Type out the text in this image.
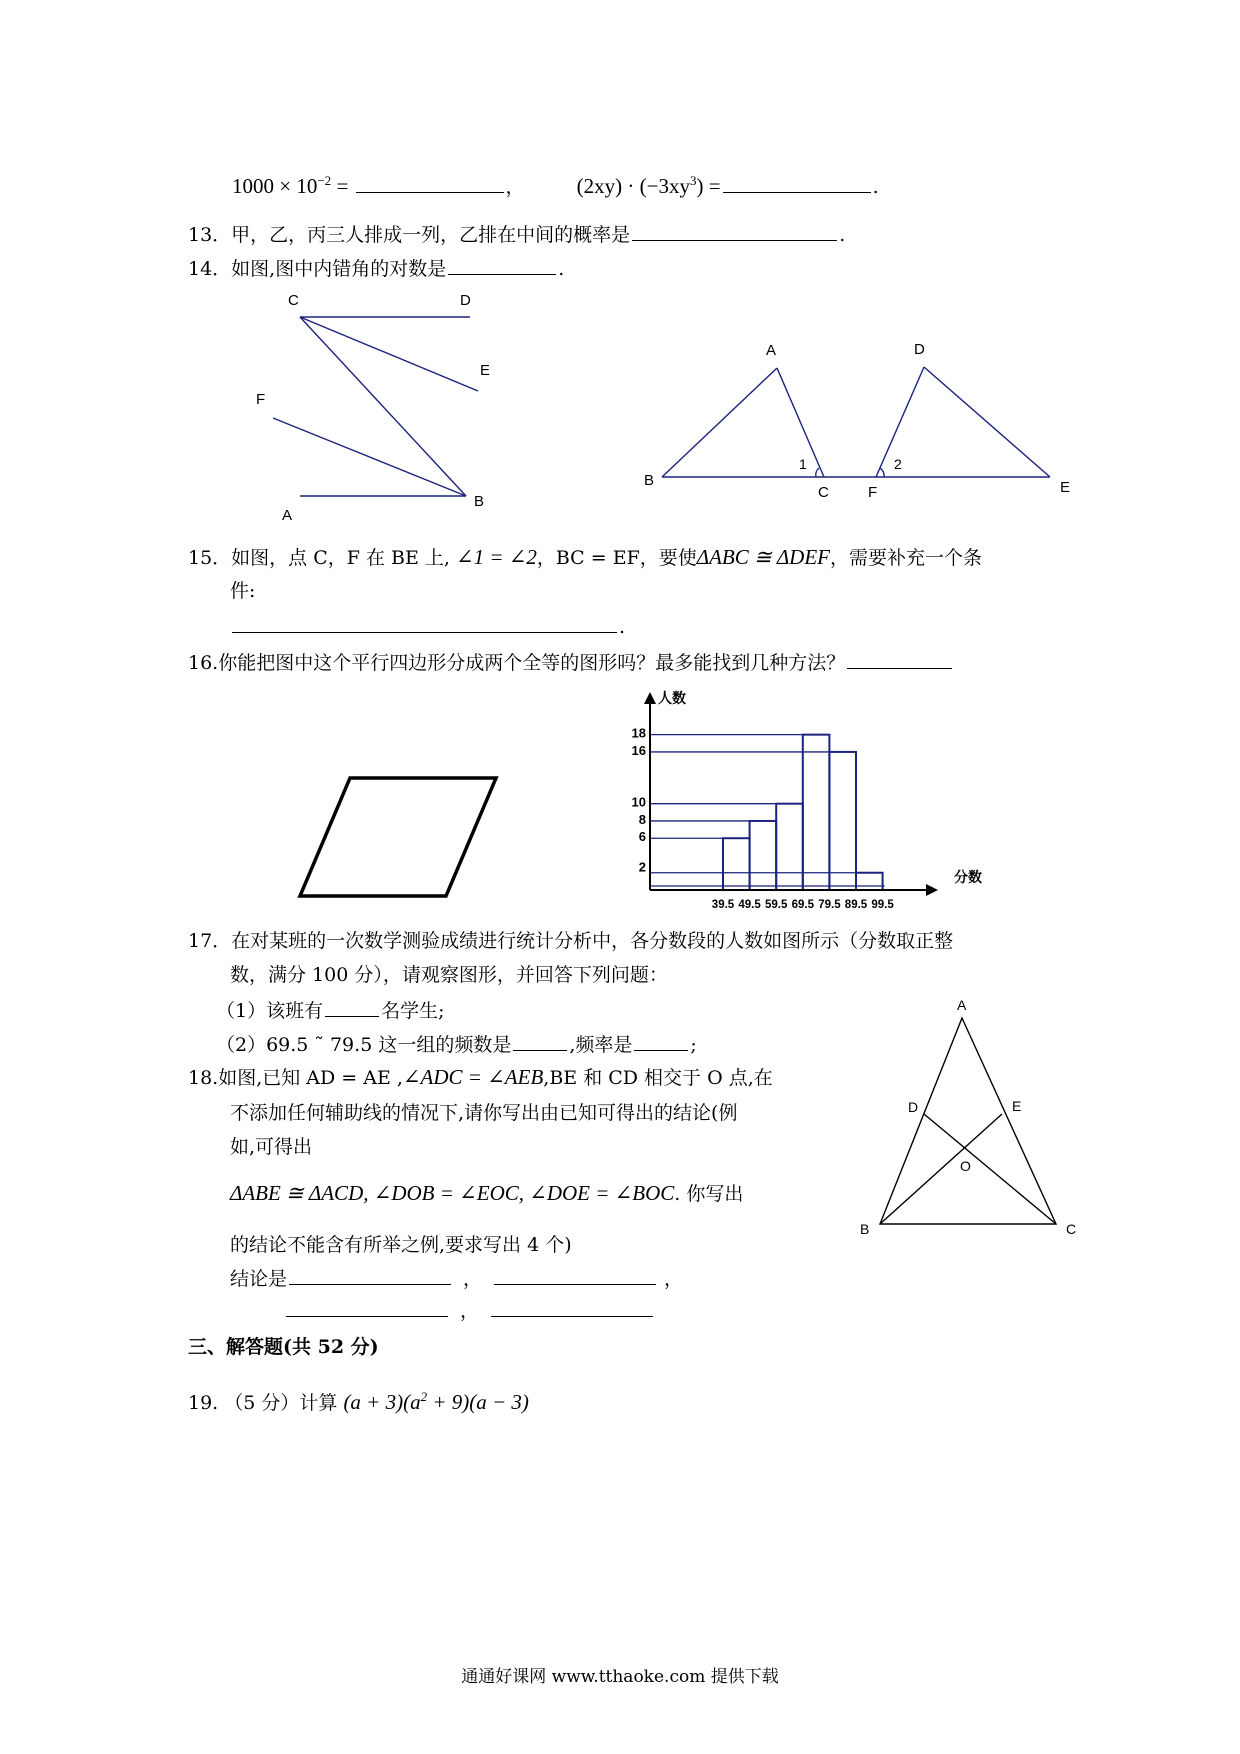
$1000 \times 10^{-2}$ =	， $(2xy) \cdot (-3xy^3)$ =	.
13．甲，乙，丙三人排成一列，乙排在中间的概率是	.
14．如图,图中内错角的对数是	.
C	D
E
F
A
B
A	D
B
C	F	E
1	2
15．如图，点 C，F 在 BE 上, ∠1 = ∠2，BC = EF，要使ΔABC ≅ ΔDEF，需要补充一个条
件:
.
16.你能把图中这个平行四边形分成两个全等的图形吗？最多能找到几种方法？
人数
分数
18
16
10
8
6
2
39.5 49.5 59.5 69.5 79.5 89.5 99.5
17．在对某班的一次数学测验成绩进行统计分析中，各分数段的人数如图所示（分数取正整
数，满分 100 分），请观察图形，并回答下列问题：
（1）该班有	名学生;
（2）69.5 ˜ 79.5 这一组的频数是	,频率是	;
18.如图,已知 AD = AE ,∠ADC = ∠AEB,BE 和 CD 相交于 O 点,在
不添加任何辅助线的情况下,请你写出由已知可得出的结论(例
如,可得出
ΔABE ≅ ΔACD, ∠DOB = ∠EOC, ∠DOE = ∠BOC. 你写出
的结论不能含有所举之例,要求写出 4 个)
结论是	，	，
，
A
D	E
O
B	C
三、解答题(共 52 分)
19. （5 分）计算 $(a + 3)(a^2 + 9)(a - 3)$
通通好课网 www.tthaoke.com 提供下载
